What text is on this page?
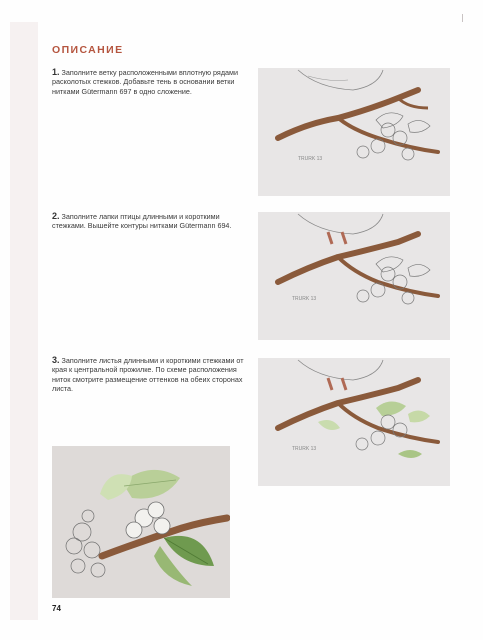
ОПИСАНИЕ
1. Заполните ветку расположенными вплотную рядами расколотых стежков. Добавьте тень в основании ветки нитками Gütermann 697 в одно сложение.
2. Заполните лапки птицы длинными и короткими стежками. Вышейте контуры нитками Gütermann 694.
3. Заполните листья длинными и короткими стежками от края к центральной прожилке. По схеме расположения ниток смотрите размещение оттенков на обеих сторонах листа.
TRURK 13
TRURK 13
TRURK 13
74
